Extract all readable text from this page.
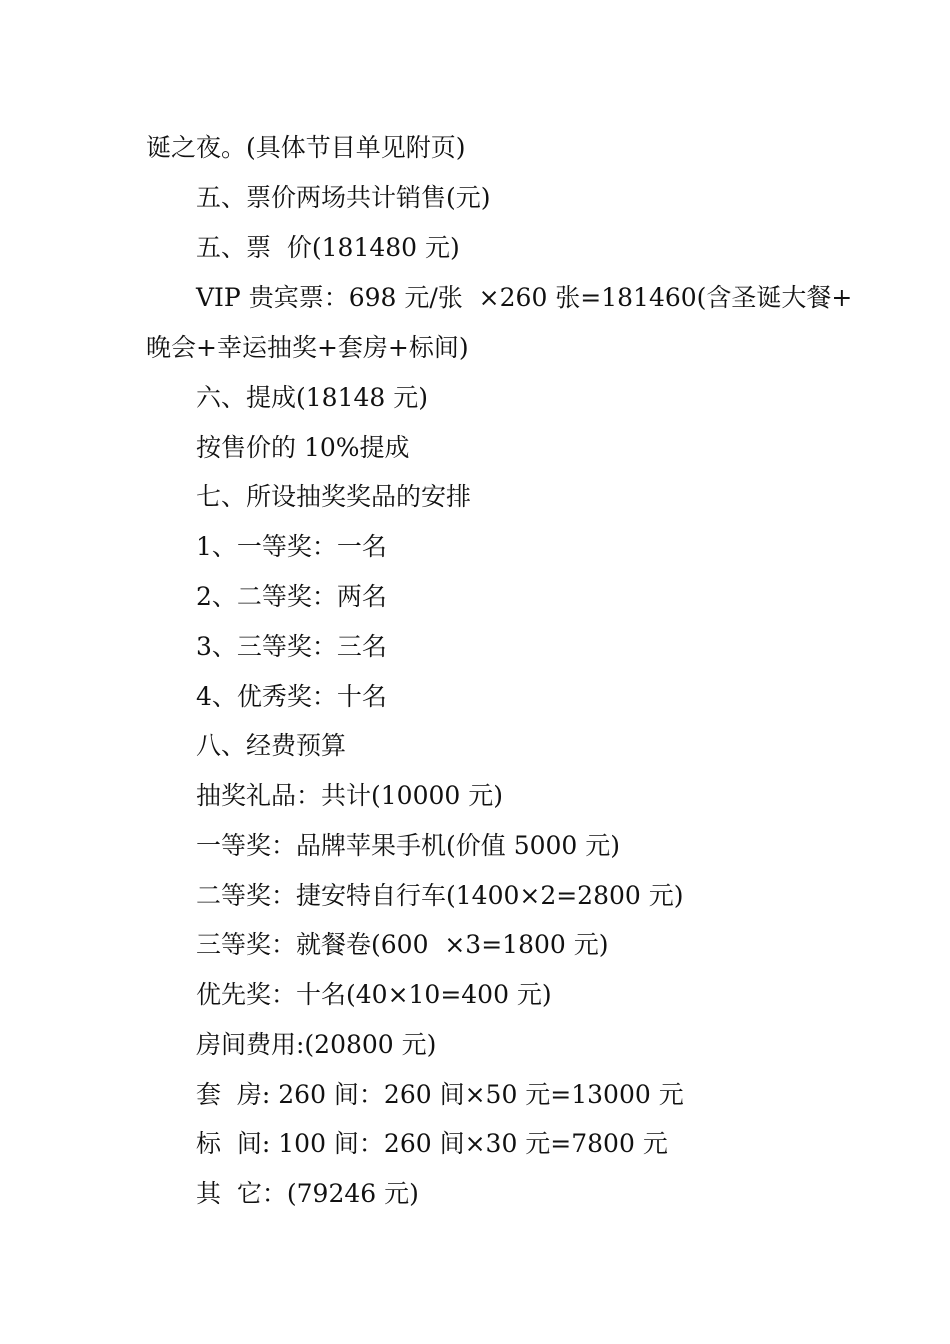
诞之夜。(具体节目单见附页)
五、票价两场共计销售(元)
五、票  价(181480 元)
VIP 贵宾票：698 元/张  ×260 张=181460(含圣诞大餐+
晚会+幸运抽奖+套房+标间)
六、提成(18148 元)
按售价的 10%提成
七、所设抽奖奖品的安排
1、一等奖：一名
2、二等奖：两名
3、三等奖：三名
4、优秀奖：十名
八、经费预算
抽奖礼品：共计(10000 元)
一等奖：品牌苹果手机(价值 5000 元)
二等奖：捷安特自行车(1400×2=2800 元)
三等奖：就餐卷(600  ×3=1800 元)
优先奖：十名(40×10=400 元)
房间费用:(20800 元)
套  房: 260 间：260 间×50 元=13000 元
标  间: 100 间：260 间×30 元=7800 元
其  它：(79246 元)
